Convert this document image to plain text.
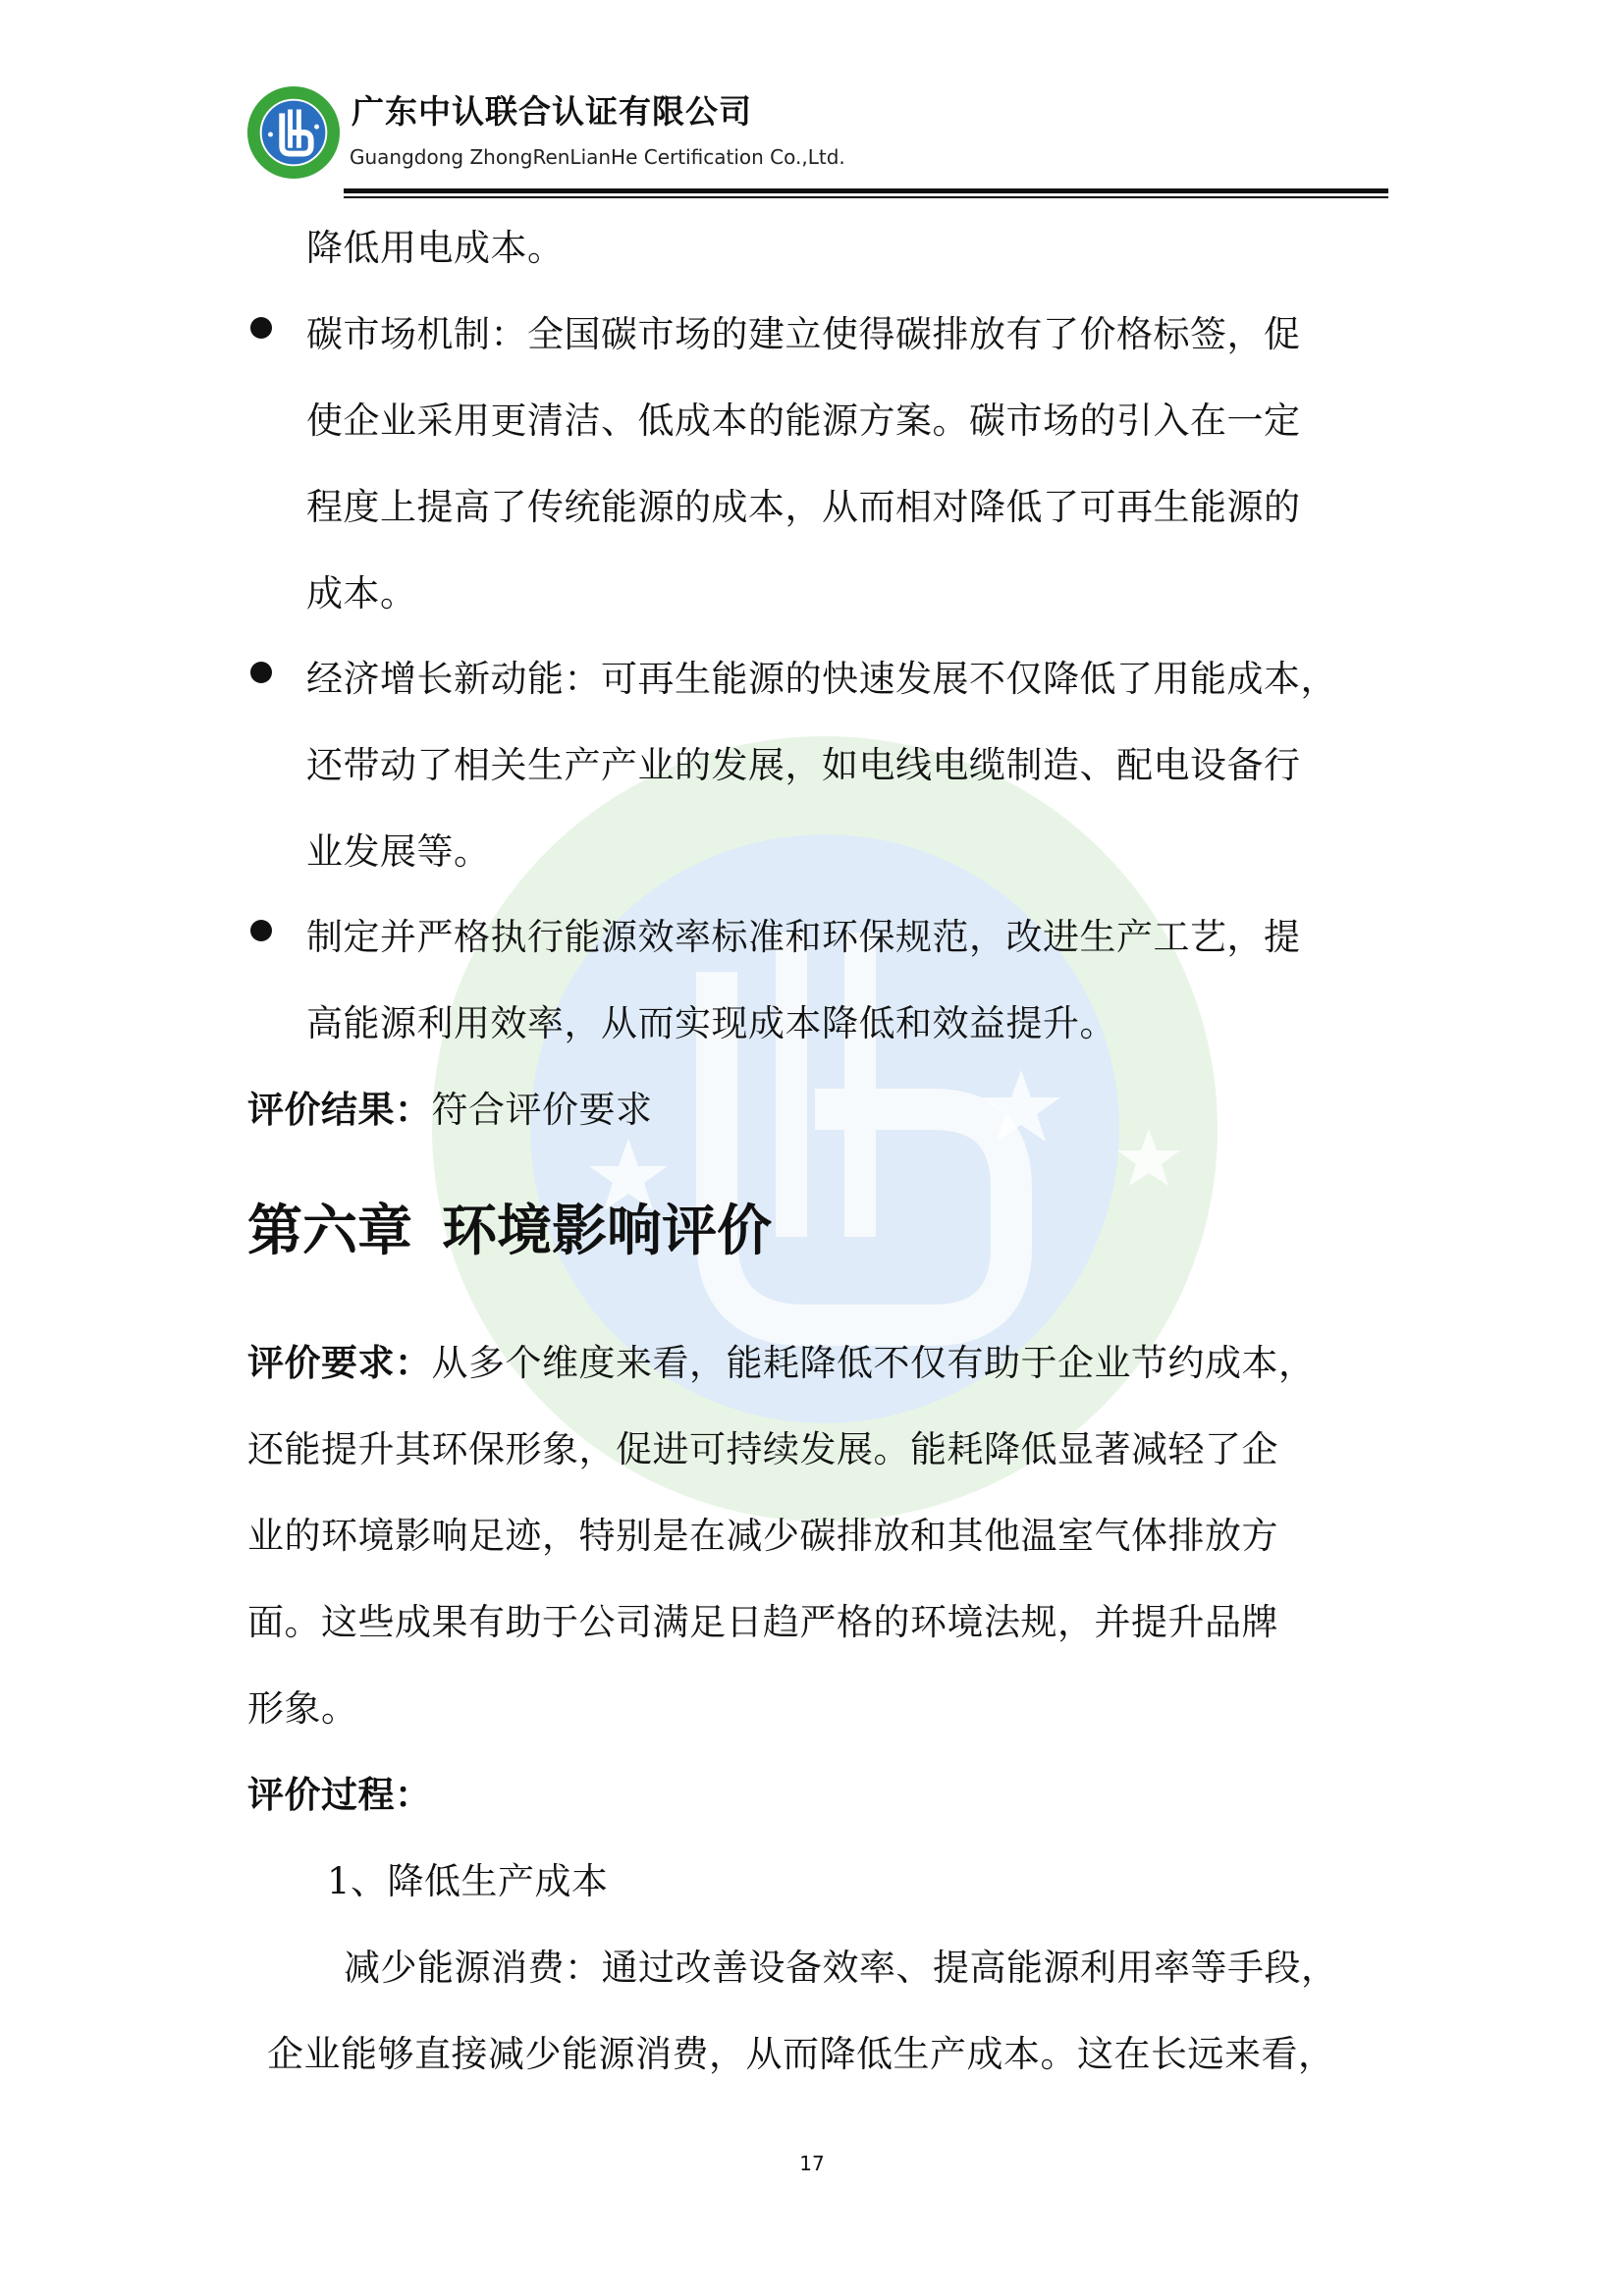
广东中认联合认证有限公司
Guangdong ZhongRenLianHe Certification Co.,Ltd.
降低用电成本。
碳市场机制：全国碳市场的建立使得碳排放有了价格标签，促
使企业采用更清洁、低成本的能源方案。碳市场的引入在一定
程度上提高了传统能源的成本，从而相对降低了可再生能源的
成本。
经济增长新动能：可再生能源的快速发展不仅降低了用能成本，
还带动了相关生产产业的发展，如电线电缆制造、配电设备行
业发展等。
制定并严格执行能源效率标准和环保规范，改进生产工艺，提
高能源利用效率，从而实现成本降低和效益提升。
评价结果：符合评价要求
第六章 环境影响评价
评价要求：从多个维度来看，能耗降低不仅有助于企业节约成本，
还能提升其环保形象，促进可持续发展。能耗降低显著减轻了企
业的环境影响足迹，特别是在减少碳排放和其他温室气体排放方
面。这些成果有助于公司满足日趋严格的环境法规，并提升品牌
形象。
评价过程：
1、降低生产成本
减少能源消费：通过改善设备效率、提高能源利用率等手段，
企业能够直接减少能源消费，从而降低生产成本。这在长远来看，
17
